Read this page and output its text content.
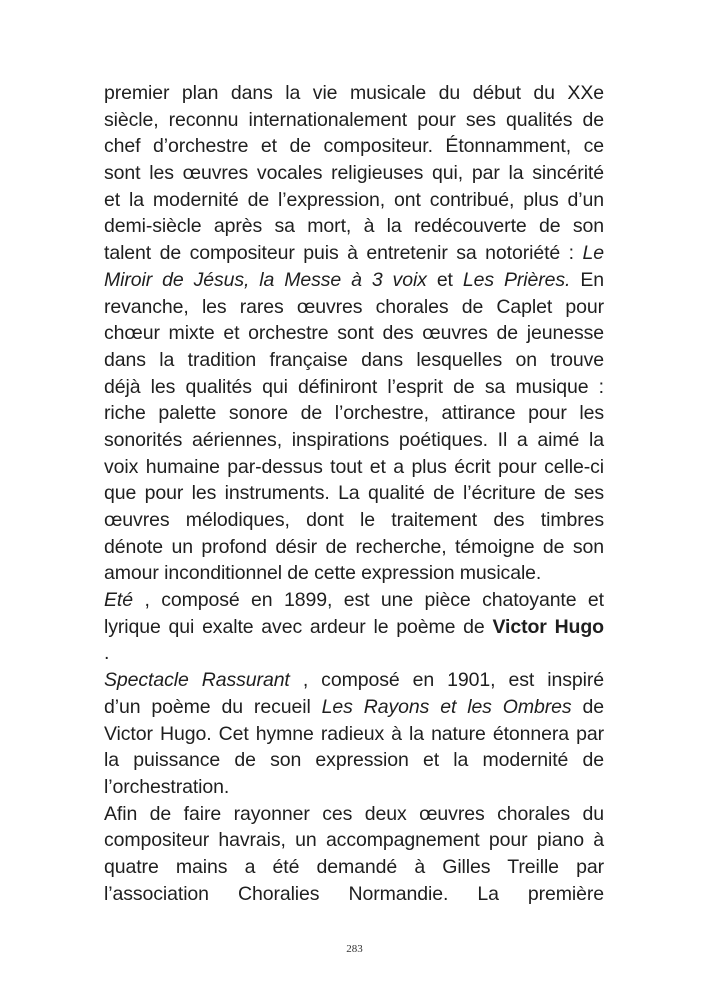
premier plan dans la vie musicale du début du XXe
siècle, reconnu internationalement pour ses qualités de
chef d’orchestre et de compositeur. Étonnamment, ce
sont les œuvres vocales religieuses qui, par la sincérité
et la modernité de l’expression, ont contribué, plus d’un
demi-siècle après sa mort, à la redécouverte de son
talent de compositeur puis à entretenir sa notoriété : Le
Miroir de Jésus, la Messe à 3 voix et Les Prières. En
revanche, les rares œuvres chorales de Caplet pour
chœur mixte et orchestre sont des œuvres de jeunesse
dans la tradition française dans lesquelles on trouve
déjà les qualités qui définiront l’esprit de sa musique :
riche palette sonore de l’orchestre, attirance pour les
sonorités aériennes, inspirations poétiques. Il a aimé la
voix humaine par-dessus tout et a plus écrit pour celle-ci
que pour les instruments. La qualité de l’écriture de ses
œuvres mélodiques, dont le traitement des timbres
dénote un profond désir de recherche, témoigne de son
amour inconditionnel de cette expression musicale.
Eté , composé en 1899, est une pièce chatoyante et
lyrique qui exalte avec ardeur le poème de Victor Hugo
.
Spectacle Rassurant , composé en 1901, est inspiré
d’un poème du recueil Les Rayons et les Ombres de
Victor Hugo. Cet hymne radieux à la nature étonnera par
la puissance de son expression et la modernité de
l’orchestration.
Afin de faire rayonner ces deux œuvres chorales du
compositeur havrais, un accompagnement pour piano à
quatre mains a été demandé à Gilles Treille par
l’association Choralies Normandie. La première
283
